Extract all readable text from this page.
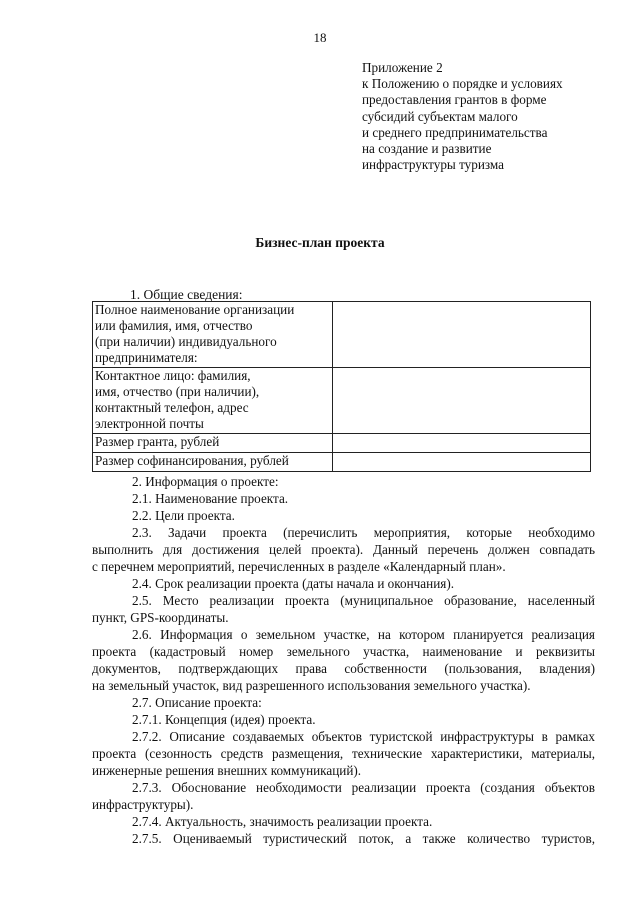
18
Приложение 2
к Положению о порядке и условиях
предоставления грантов в форме
субсидий субъектам малого
и среднего предпринимательства
на создание и развитие
инфраструктуры туризма
Бизнес-план проекта
1. Общие сведения:
Полное наименование организации
или фамилия, имя, отчество
(при наличии) индивидуального
предпринимателя:	

Контактное лицо: фамилия,
имя, отчество (при наличии),
контактный телефон, адрес
электронной почты	

Размер гранта, рублей	

Размер софинансирования, рублей	

2. Информация о проекте:
2.1. Наименование проекта.
2.2. Цели проекта.
2.3. Задачи проекта (перечислить мероприятия, которые необходимо
выполнить для достижения целей проекта). Данный перечень должен совпадать
с перечнем мероприятий, перечисленных в разделе «Календарный план».
2.4. Срок реализации проекта (даты начала и окончания).
2.5. Место реализации проекта (муниципальное образование, населенный
пункт, GPS-координаты.
2.6. Информация о земельном участке, на котором планируется реализация
проекта (кадастровый номер земельного участка, наименование и реквизиты
документов, подтверждающих права собственности (пользования, владения)
на земельный участок, вид разрешенного использования земельного участка).
2.7. Описание проекта:
2.7.1. Концепция (идея) проекта.
2.7.2. Описание создаваемых объектов туристской инфраструктуры в рамках
проекта (сезонность средств размещения, технические характеристики, материалы,
инженерные решения внешних коммуникаций).
2.7.3. Обоснование необходимости реализации проекта (создания объектов
инфраструктуры).
2.7.4. Актуальность, значимость реализации проекта.
2.7.5. Оцениваемый туристический поток, а также количество туристов,
